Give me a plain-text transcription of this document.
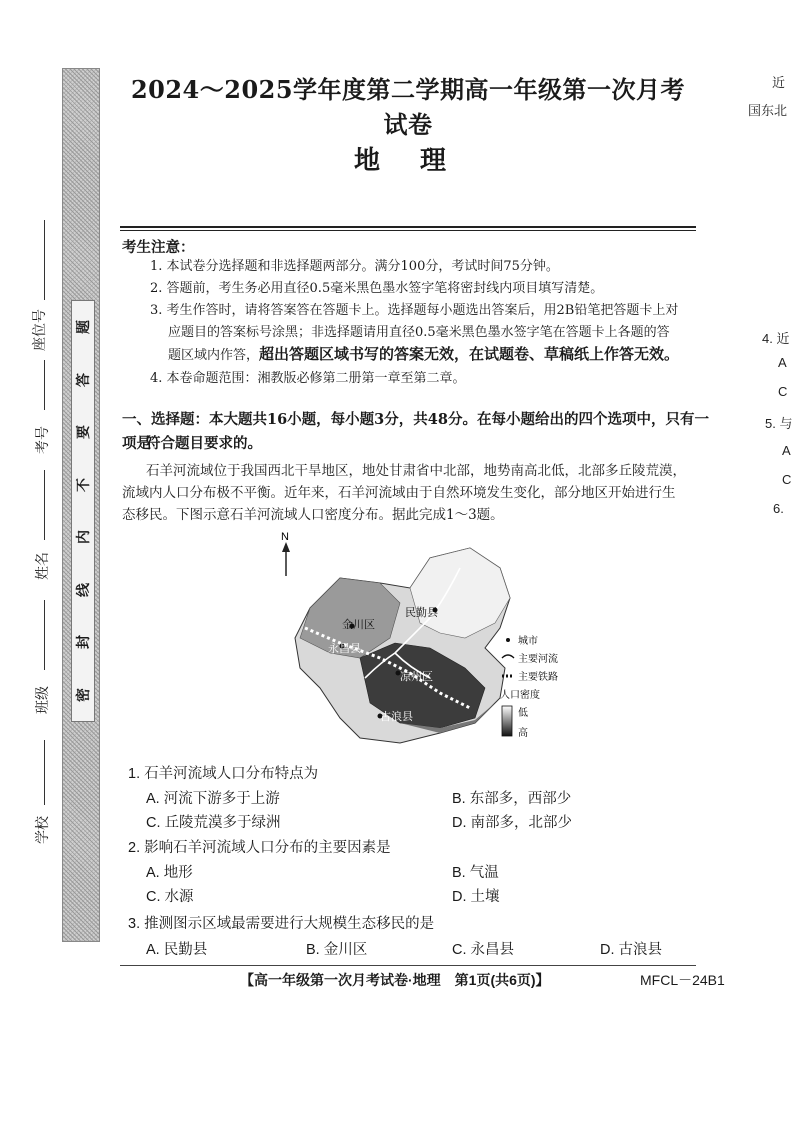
题
答
要
不
内
线
封
密
座位号
考号
姓名
班级
学校
2024～2025学年度第二学期高一年级第一次月考试卷
地理
考生注意：
1. 本试卷分选择题和非选择题两部分。满分100分，考试时间75分钟。
2. 答题前，考生务必用直径0.5毫米黑色墨水签字笔将密封线内项目填写清楚。
3. 考生作答时，请将答案答在答题卡上。选择题每小题选出答案后，用2B铅笔把答题卡上对
应题目的答案标号涂黑；非选择题请用直径0.5毫米黑色墨水签字笔在答题卡上各题的答
题区域内作答，超出答题区域书写的答案无效，在试题卷、草稿纸上作答无效。
4. 本卷命题范围：湘教版必修第二册第一章至第二章。
一、选择题：本大题共16小题，每小题3分，共48分。在每小题给出的四个选项中，只有一项是
符合题目要求的。
石羊河流域位于我国西北干旱地区，地处甘肃省中北部，地势南高北低，北部多丘陵荒漠，
流域内人口分布极不平衡。近年来，石羊河流域由于自然环境发生变化，部分地区开始进行生
态移民。下图示意石羊河流域人口密度分布。据此完成1～3题。
N
民勤县
金川区
永昌县
凉州区
古浪县
城市
主要河流
主要铁路
人口密度
低
高
1. 石羊河流域人口分布特点为
A. 河流下游多于上游	B. 东部多，西部少
C. 丘陵荒漠多于绿洲	D. 南部多，北部少
2. 影响石羊河流域人口分布的主要因素是
A. 地形	B. 气温
C. 水源	D. 土壤
3. 推测图示区域最需要进行大规模生态移民的是
A. 民勤县	B. 金川区	C. 永昌县	D. 古浪县
【高一年级第一次月考试卷·地理　第1页(共6页)】	MFCL－24B1
近
国东北
4. 近
A
C
5. 与
A
C
6.
